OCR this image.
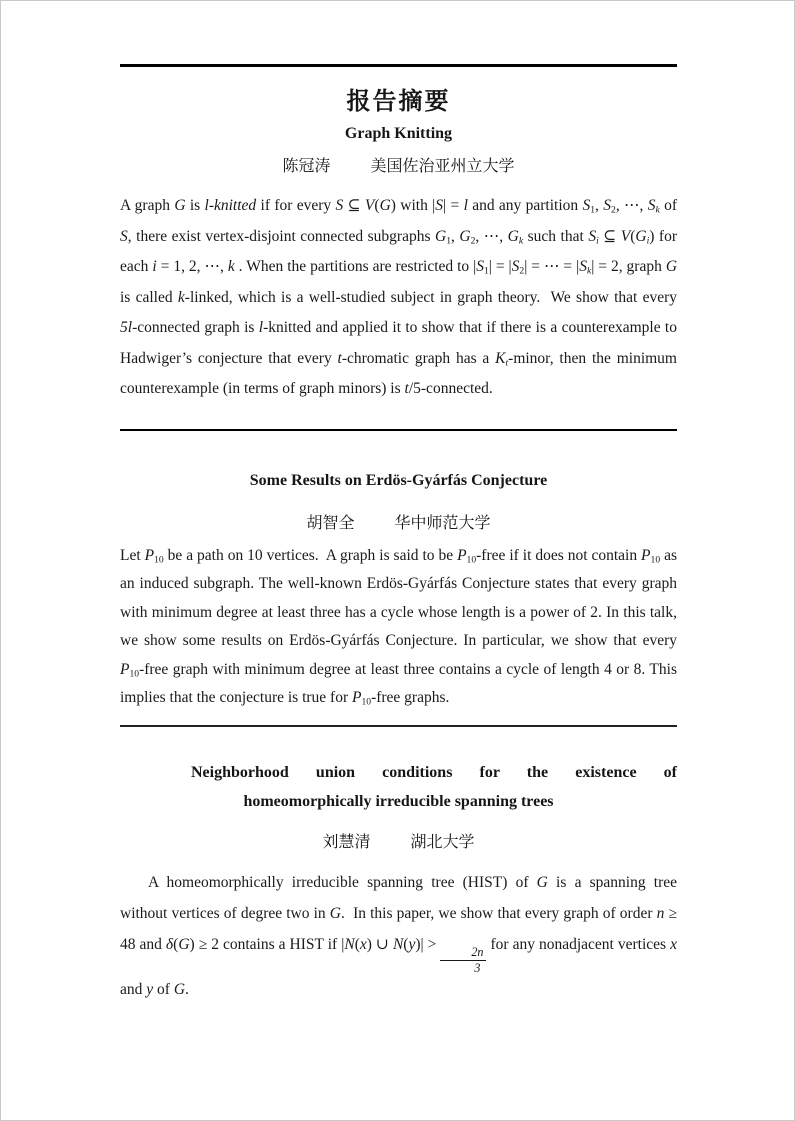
报告摘要
Graph Knitting

陈冠涛	美国佐治亚州立大学

A graph G is l-knitted if for every S ⊆ V(G) with |S| = l and any partition $S_1$, $S_2$, ⋯, Sk of S, there exist vertex-disjoint connected subgraphs $G_1$, $G_2$, ⋯, Gk such that Si ⊆ V(Gi) for each i = 1, 2, ⋯, k . When the partitions are restricted to $|S_1| = |S_2|$ = ⋯ = |Sk| = 2, graph G is called k-linked, which is a well-studied subject in graph theory.  We show that every 5l-connected graph is l-knitted and applied it to show that if there is a counterexample to Hadwiger’s conjecture that every t-chromatic graph has a Kt-minor, then the minimum counterexample (in terms of graph minors) is t/5-connected.

Some Results on Erdös-Gyárfás Conjecture

胡智全	华中师范大学

Let $P_{10}$ be a path on 10 vertices.  A graph is said to be $P_{10}$-free if it does not contain $P_{10}$ as an induced subgraph. The well-known Erdös-Gyárfás Conjecture states that every graph with minimum degree at least three has a cycle whose length is a power of 2. In this talk, we show some results on Erdös-Gyárfás Conjecture. In particular, we show that every $P_{10}$-free graph with minimum degree at least three contains a cycle of length 4 or 8. This implies that the conjecture is true for $P_{10}$-free graphs.

Neighborhood union conditions for the existence of
homeomorphically irreducible spanning trees

刘慧清	湖北大学

A homeomorphically irreducible spanning tree (HIST) of G is a spanning tree without vertices of degree two in G.  In this paper, we show that every graph of order n ≥ 48 and δ(G) ≥ 2 contains a HIST if |N(x) ∪ N(y)| >
$\frac{2n}{3}$
for any nonadjacent vertices x and y of G.
